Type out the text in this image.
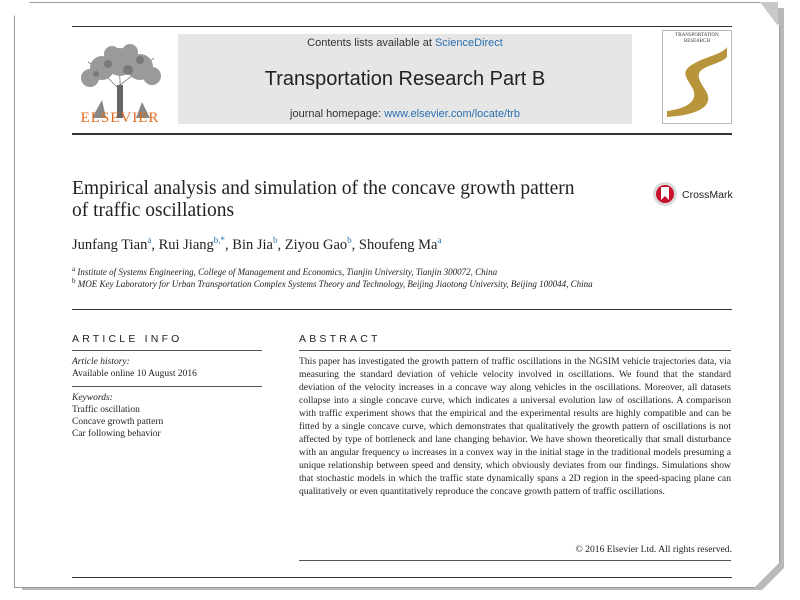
ELSEVIER
Contents lists available at ScienceDirect
Transportation Research Part B
journal homepage: www.elsevier.com/locate/trb
TRANSPORTATION RESEARCH
Empirical analysis and simulation of the concave growth pattern of traffic oscillations
CrossMark
Junfang Tian$^a$, Rui Jiang$^{b,*}$, Bin Jia$^b$, Ziyou Gao$^b$, Shoufeng Ma$^a$
$^a$ Institute of Systems Engineering, College of Management and Economics, Tianjin University, Tianjin 300072, China
$^b$ MOE Key Laboratory for Urban Transportation Complex Systems Theory and Technology, Beijing Jiaotong University, Beijing 100044, China
ARTICLE INFO
Article history:
Available online 10 August 2016
Keywords:
Traffic oscillation
Concave growth pattern
Car following behavior
ABSTRACT
This paper has investigated the growth pattern of traffic oscillations in the NGSIM vehicle trajectories data, via measuring the standard deviation of vehicle velocity involved in oscillations. We found that the standard deviation of the velocity increases in a concave way along vehicles in the oscillations. Moreover, all datasets collapse into a single concave curve, which indicates a universal evolution law of oscillations. A comparison with traffic experiment shows that the empirical and the experimental results are highly compatible and can be fitted by a single concave curve, which demonstrates that qualitatively the growth pattern of oscillations is not affected by type of bottleneck and lane changing behavior. We have shown theoretically that small disturbance with an angular frequency ω increases in a convex way in the initial stage in the traditional models presuming a unique relationship between speed and density, which obviously deviates from our findings. Simulations show that stochastic models in which the traffic state dynamically spans a 2D region in the speed-spacing plane can qualitatively or even quantitatively reproduce the concave growth pattern of traffic oscillations.
© 2016 Elsevier Ltd. All rights reserved.
